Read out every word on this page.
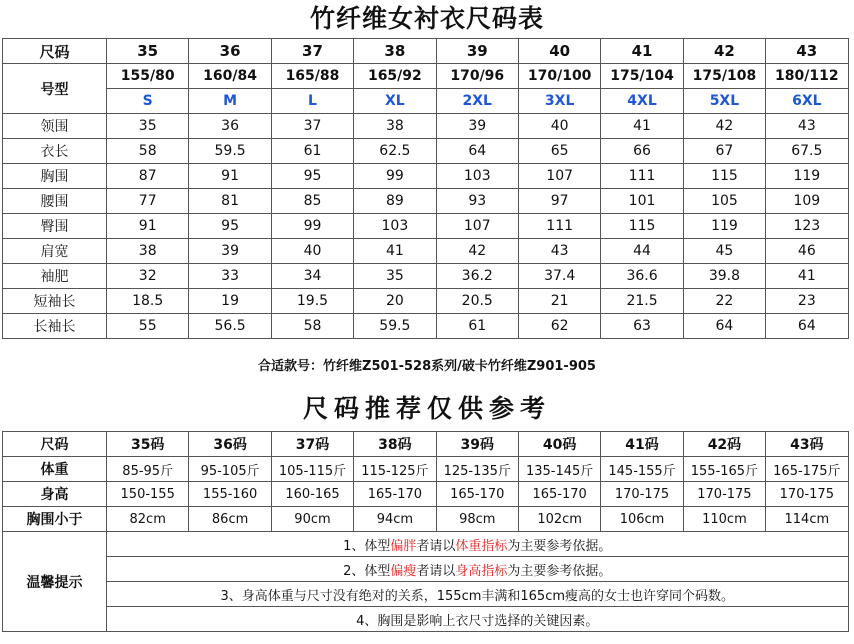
竹纤维女衬衣尺码表
尺码	35	36	37	38	39	40	41	42	43
号型	155/80	160/84	165/88	165/92	170/96	170/100	175/104	175/108	180/112
	S	M	L	XL	2XL	3XL	4XL	5XL	6XL
领围	35	36	37	38	39	40	41	42	43
衣长	58	59.5	61	62.5	64	65	66	67	67.5
胸围	87	91	95	99	103	107	111	115	119
腰围	77	81	85	89	93	97	101	105	109
臀围	91	95	99	103	107	111	115	119	123
肩宽	38	39	40	41	42	43	44	45	46
袖肥	32	33	34	35	36.2	37.4	36.6	39.8	41
短袖长	18.5	19	19.5	20	20.5	21	21.5	22	23
长袖长	55	56.5	58	59.5	61	62	63	64	64
合适款号：竹纤维Z501-528系列/破卡竹纤维Z901-905
尺码推荐仅供参考
尺码	35码	36码	37码	38码	39码	40码	41码	42码	43码
体重	85-95斤	95-105斤	105-115斤	115-125斤	125-135斤	135-145斤	145-155斤	155-165斤	165-175斤
身高	150-155	155-160	160-165	165-170	165-170	165-170	170-175	170-175	170-175
胸围小于	82cm	86cm	90cm	94cm	98cm	102cm	106cm	110cm	114cm
温馨提示	1、体型偏胖者请以体重指标为主要参考依据。								
	2、体型偏瘦者请以身高指标为主要参考依据。								
	3、身高体重与尺寸没有绝对的关系，155cm丰满和165cm瘦高的女士也许穿同个码数。								
	4、胸围是影响上衣尺寸选择的关键因素。								
